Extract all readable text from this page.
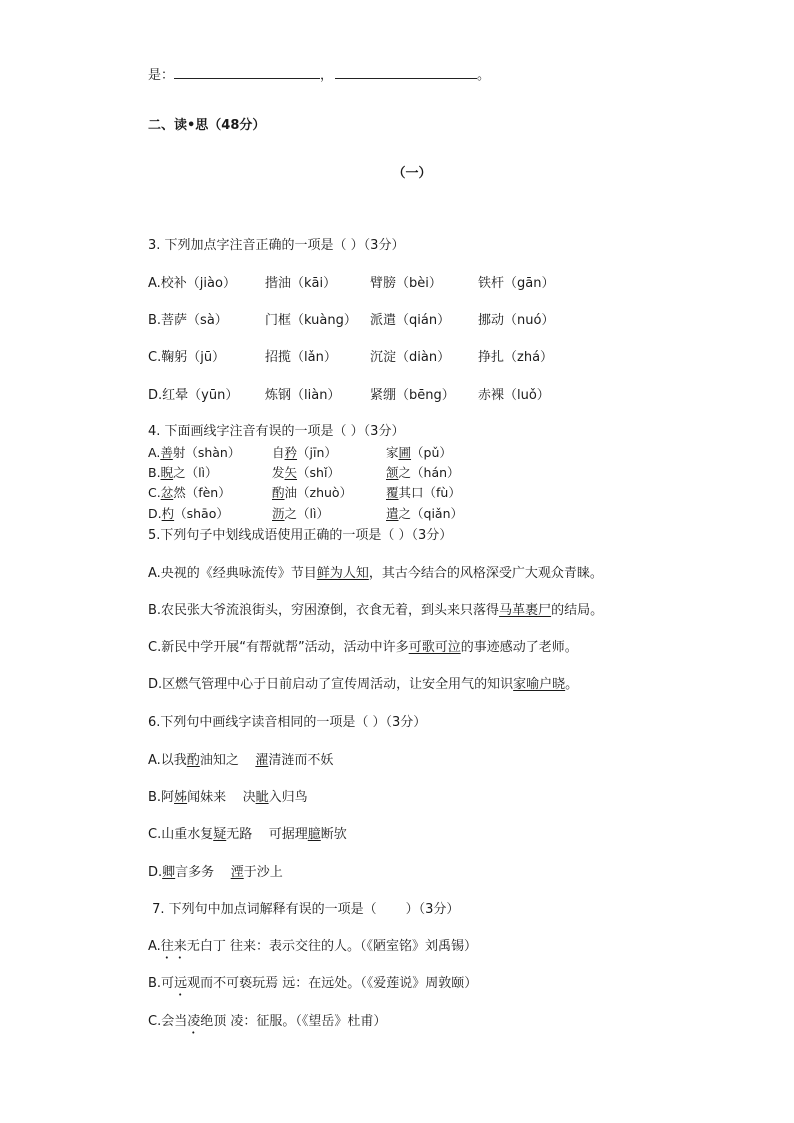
是：	，	。
二、读•思（48分）
（一）
3. 下列加点字注音正确的一项是（ ）（3分）
A.校补（jiào） 揩油（kāi）	臂膀（bèi）	铁杆（gān）
B.菩萨（sà）	门框（kuàng） 派遣（qián） 挪动（nuó）
C.鞠躬（jū）	招揽（lǎn）	沉淀（diàn） 挣扎（zhá）
D.红晕（yūn） 炼钢（liàn） 紧绷（bēng） 赤裸（luǒ）
4. 下面画线字注音有误的一项是（ ）（3分）
A.善射（shàn）	自矜（jīn）	家圃（pǔ）
B.睨之（lì）	发矢（shǐ）	颔之（hán）
C.忿然（fèn）	酌油（zhuò）	覆其口（fù）
D.杓（shāo）	沥之（lì）	遣之（qiǎn）
5.下列句子中划线成语使用正确的一项是（ ）（3分）
A.央视的《经典咏流传》节目鲜为人知，其古今结合的风格深受广大观众青睐。
B.农民张大爷流浪街头，穷困潦倒，衣食无着，到头来只落得马革裹尸的结局。
C.新民中学开展“有帮就帮”活动，活动中许多可歌可泣的事迹感动了老师。
D.区燃气管理中心于日前启动了宣传周活动，让安全用气的知识家喻户晓。
6.下列句中画线字读音相同的一项是（ ）（3分）
A.以我酌油知之    濯清涟而不妖
B.阿姊闻妹来    决眦入归鸟
C.山重水复疑无路    可据理臆断欤
D.卿言多务    湮于沙上
7. 下列句中加点词解释有误的一项是（       ）（3分）
A.往来无白丁 往来：表示交往的人。（《陋室铭》刘禹锡）
B.可远观而不可亵玩焉 远：在远处。（《爱莲说》周敦颐）
C.会当凌绝顶 凌：征服。（《望岳》杜甫）
